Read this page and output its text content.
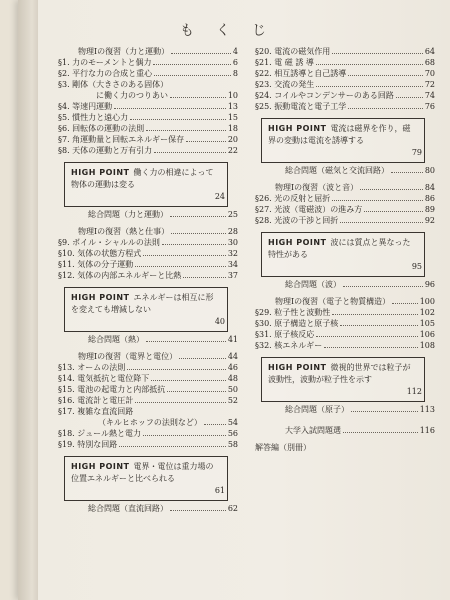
もくじ
物理Ⅰの復習（力と運動）	4
§1. 力のモーメントと偶力	6
§2. 平行な力の合成と重心	8
§3. 剛体（大きさのある固体）
に働く力のつりあい	10
§4. 等速円運動	13
§5. 慣性力と遠心力	15
§6. 回転体の運動の法則	18
§7. 角運動量と回転エネルギー保存	20
§8. 天体の運動と万有引力	22
HIGH POINT 働く力の相違によって物体の運動は変る
24
総合問題（力と運動）	25
物理Ⅰの復習（熱と仕事）	28
§9. ボイル・シャルルの法則	30
§10. 気体の状態方程式	32
§11. 気体の分子運動	34
§12. 気体の内部エネルギーと比熱	37
HIGH POINT エネルギーは相互に形を変えても増減しない
40
総合問題（熱）	41
物理Ⅰの復習（電界と電位）	44
§13. オームの法則	46
§14. 電気抵抗と電位降下	48
§15. 電池の起電力と内部抵抗	50
§16. 電流計と電圧計	52
§17. 複雑な直流回路
（キルヒホッフの法則など）	54
§18. ジュール熱と電力	56
§19. 特別な回路	58
HIGH POINT 電界・電位は重力場の位置エネルギーと比べられる
61
総合問題（直流回路）	62
§20. 電流の磁気作用	64
§21. 電 磁 誘 導	68
§22. 相互誘導と自己誘導	70
§23. 交流の発生	72
§24. コイルやコンデンサーのある回路	74
§25. 振動電流と電子工学	76
HIGH POINT 電流は磁界を作り，磁界の変動は電流を誘導する
79
総合問題（磁気と交流回路）	80
物理Ⅰの復習（波と音）	84
§26. 光の反射と屈折	86
§27. 光波（電磁波）の進み方	89
§28. 光波の干渉と回折	92
HIGH POINT 波には質点と異なった特性がある
95
総合問題（波）	96
物理Ⅰの復習（電子と物質構造）	100
§29. 粒子性と波動性	102
§30. 原子構造と原子核	105
§31. 原子核反応	106
§32. 核エネルギー	108
HIGH POINT 微視的世界では粒子が波動性，波動が粒子性を示す
112
総合問題（原子）	113
大学入試問題選	116
解答編（別冊）
